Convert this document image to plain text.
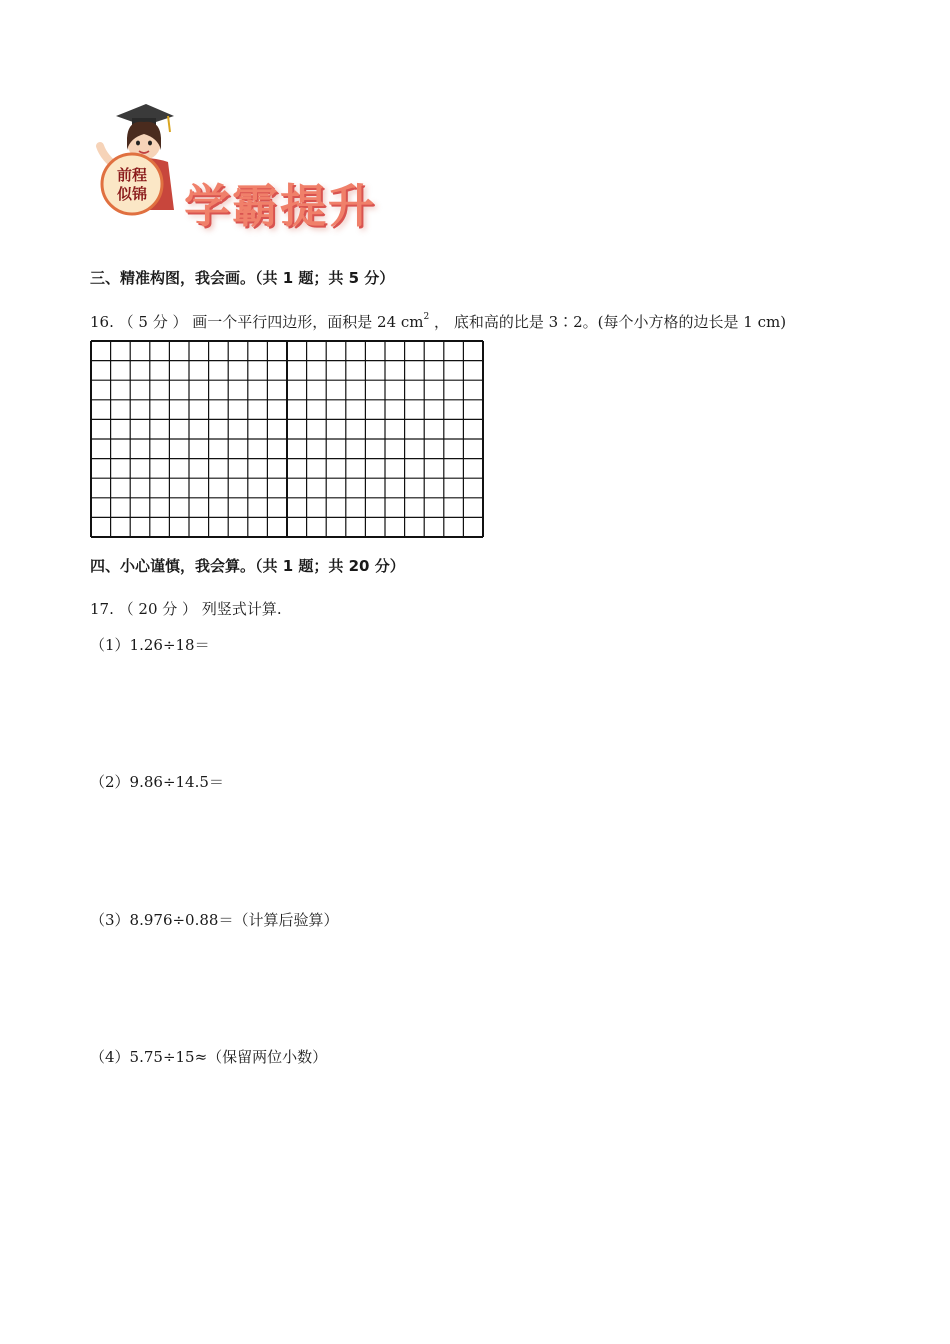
前程
似锦 学霸提升

三、精准构图，我会画。（共 1 题；共 5 分）
16. （ 5 分 ） 画一个平行四边形，面积是 24 $cm^2$ ， 底和高的比是 3∶2。(每个小方格的边长是 1 cm)
四、小心谨慎，我会算。（共 1 题；共 20 分）
17. （ 20 分 ） 列竖式计算.
（1）1.26÷18＝
（2）9.86÷14.5＝
（3）8.976÷0.88＝（计算后验算）
（4）5.75÷15≈（保留两位小数）
